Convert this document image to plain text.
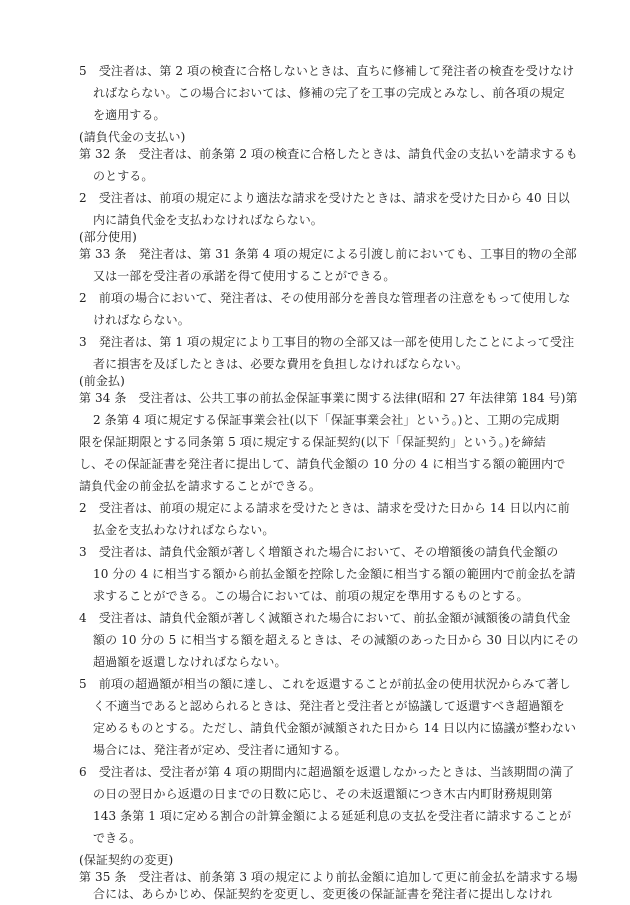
5　受注者は、第 2 項の検査に合格しないときは、直ちに修補して発注者の検査を受けなけ
ればならない。この場合においては、修補の完了を工事の完成とみなし、前各項の規定
を適用する。
(請負代金の支払い)
第 32 条　受注者は、前条第 2 項の検査に合格したときは、請負代金の支払いを請求するも
のとする。
2　受注者は、前項の規定により適法な請求を受けたときは、請求を受けた日から 40 日以
内に請負代金を支払わなければならない。
(部分使用)
第 33 条　発注者は、第 31 条第 4 項の規定による引渡し前においても、工事目的物の全部
又は一部を受注者の承諾を得て使用することができる。
2　前項の場合において、発注者は、その使用部分を善良な管理者の注意をもって使用しな
ければならない。
3　発注者は、第 1 項の規定により工事目的物の全部又は一部を使用したことによって受注
者に損害を及ぼしたときは、必要な費用を負担しなければならない。
(前金払)
第 34 条　受注者は、公共工事の前払金保証事業に関する法律(昭和 27 年法律第 184 号)第
2 条第 4 項に規定する保証事業会社(以下「保証事業会社」という。)と、工期の完成期
限を保証期限とする同条第 5 項に規定する保証契約(以下「保証契約」という。)を締結
し、その保証証書を発注者に提出して、請負代金額の 10 分の 4 に相当する額の範囲内で
請負代金の前金払を請求することができる。
2　受注者は、前項の規定による請求を受けたときは、請求を受けた日から 14 日以内に前
払金を支払わなければならない。
3　受注者は、請負代金額が著しく増額された場合において、その増額後の請負代金額の
10 分の 4 に相当する額から前払金額を控除した金額に相当する額の範囲内で前金払を請
求することができる。この場合においては、前項の規定を準用するものとする。
4　受注者は、請負代金額が著しく減額された場合において、前払金額が減額後の請負代金
額の 10 分の 5 に相当する額を超えるときは、その減額のあった日から 30 日以内にその
超過額を返還しなければならない。
5　前項の超過額が相当の額に達し、これを返還することが前払金の使用状況からみて著し
く不適当であると認められるときは、発注者と受注者とが協議して返還すべき超過額を
定めるものとする。ただし、請負代金額が減額された日から 14 日以内に協議が整わない
場合には、発注者が定め、受注者に通知する。
6　受注者は、受注者が第 4 項の期間内に超過額を返還しなかったときは、当該期間の満了
の日の翌日から返還の日までの日数に応じ、その未返還額につき木古内町財務規則第
143 条第 1 項に定める割合の計算金額による延延利息の支払を受注者に請求することが
できる。
(保証契約の変更)
第 35 条　受注者は、前条第 3 項の規定により前払金額に追加して更に前金払を請求する場
合には、あらかじめ、保証契約を変更し、変更後の保証証書を発注者に提出しなけれ
